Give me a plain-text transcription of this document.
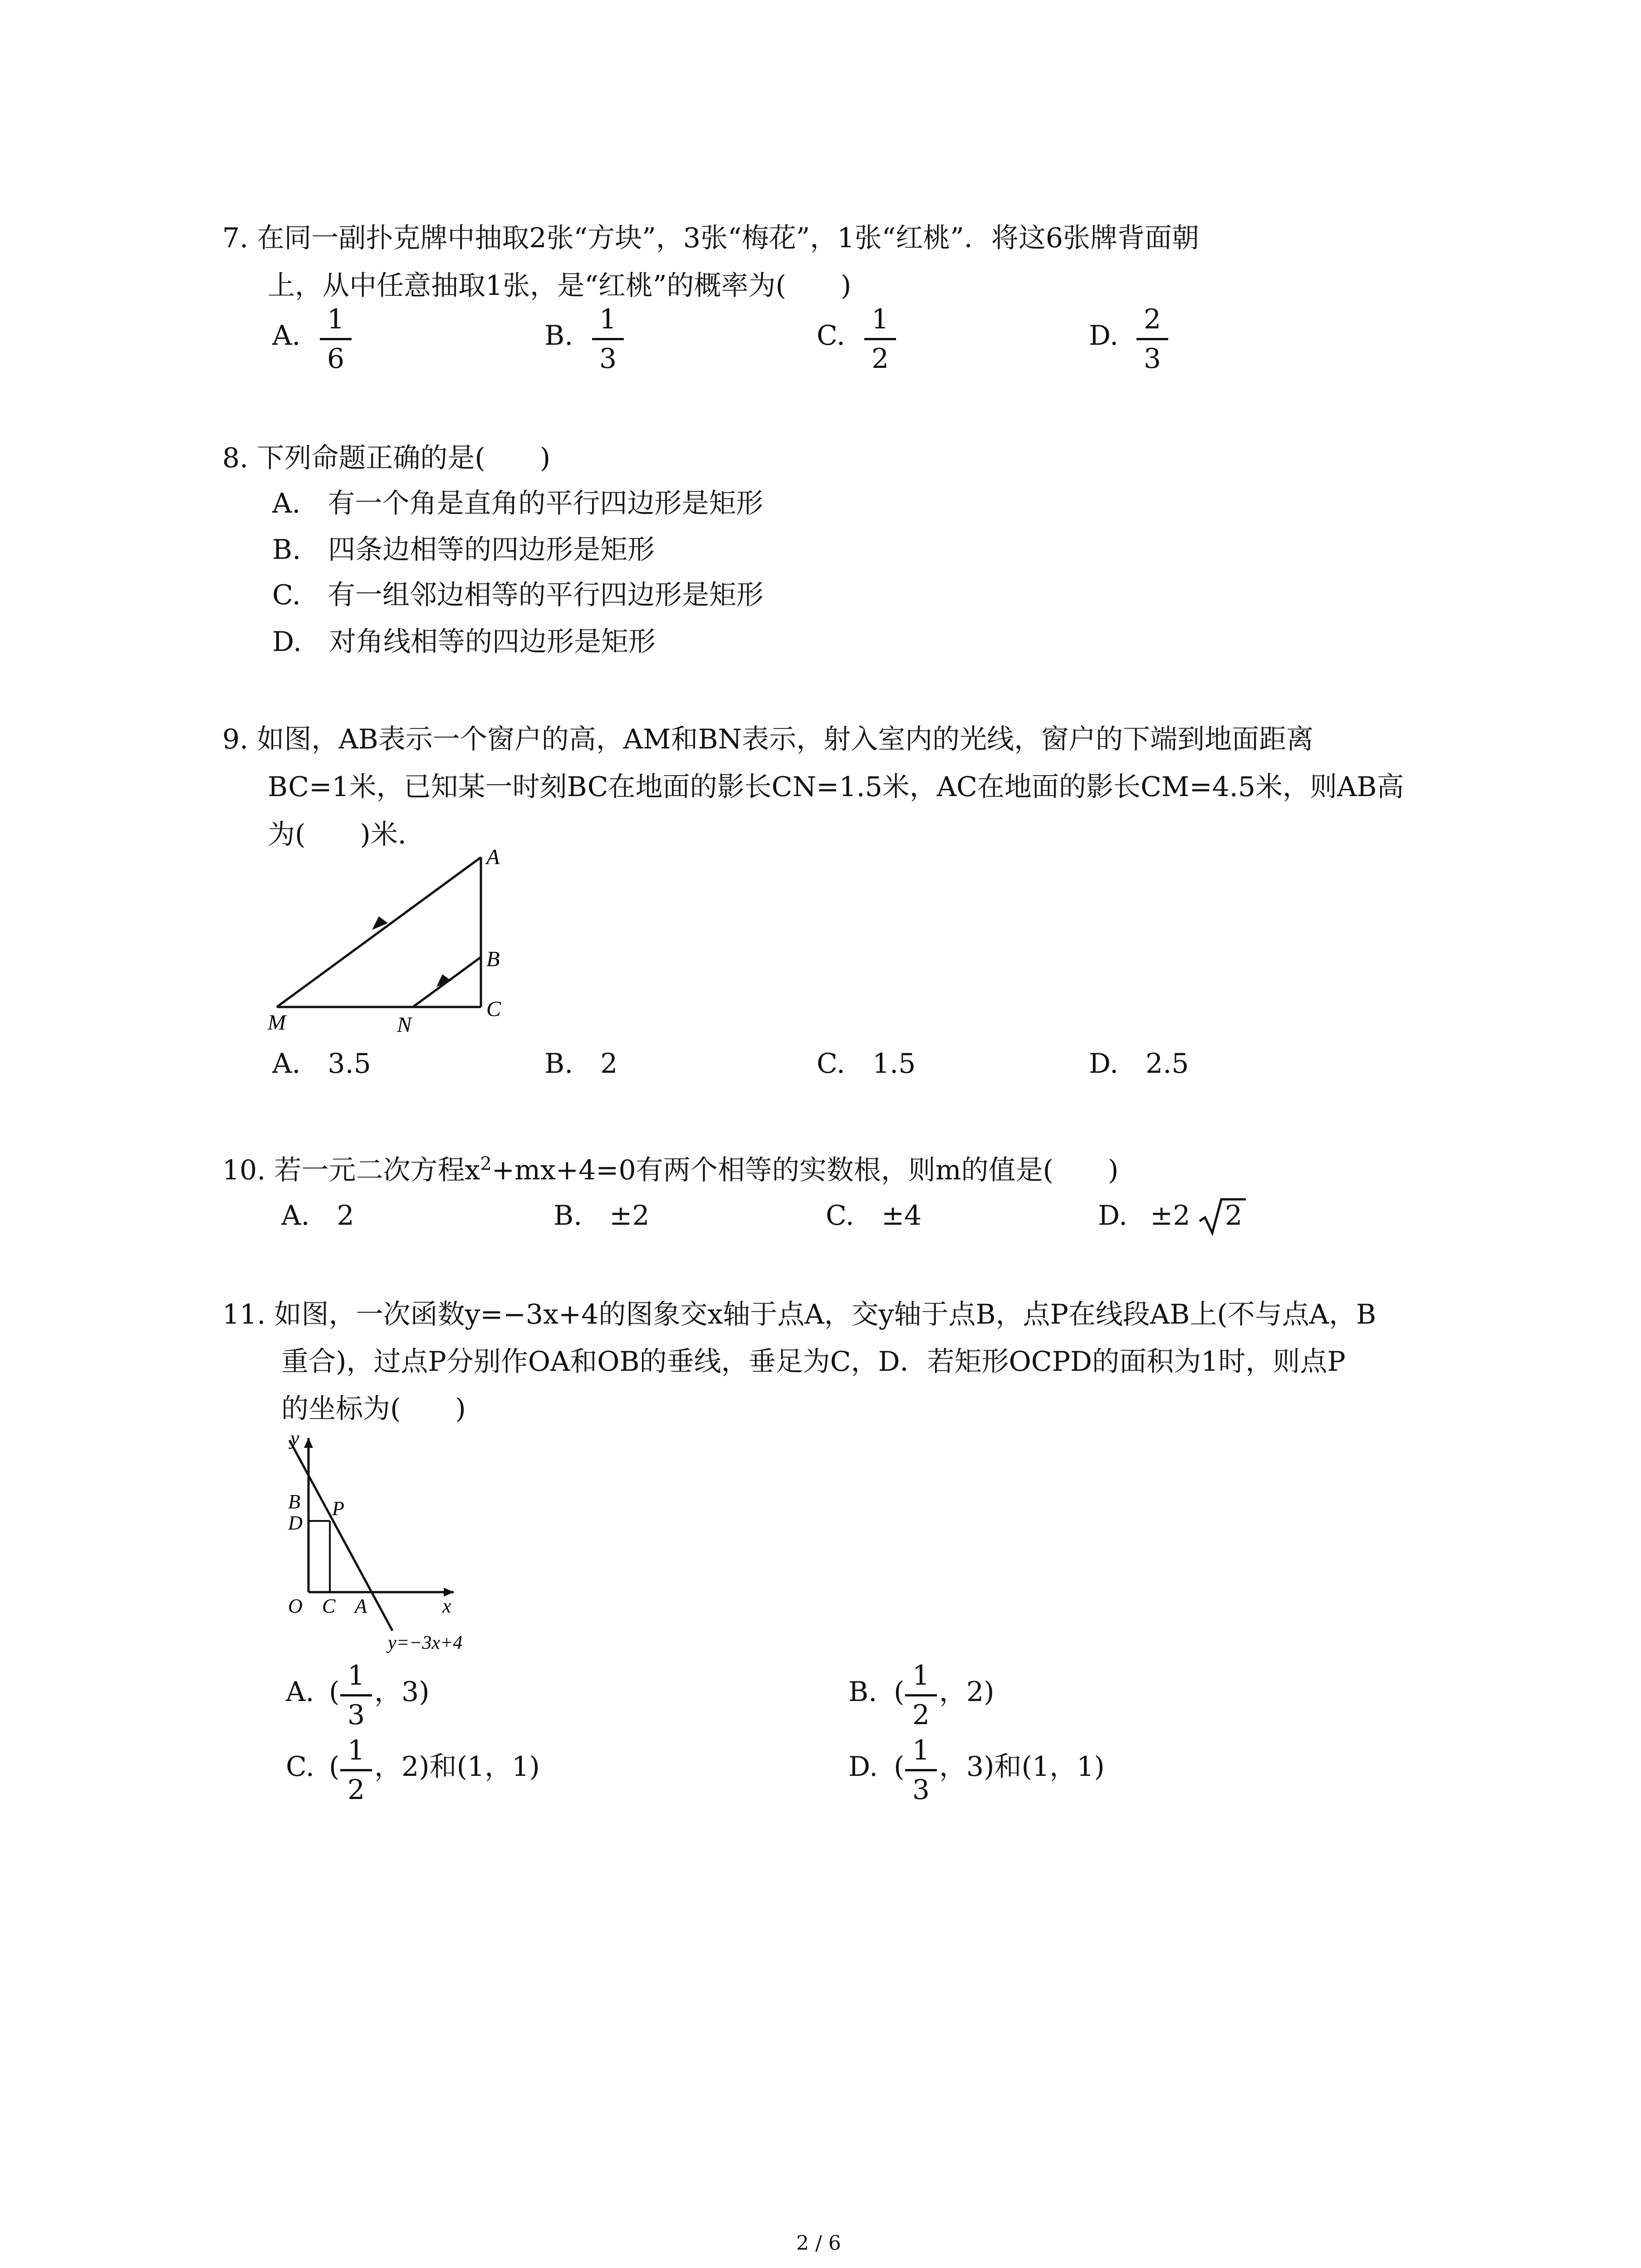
7. 在同一副扑克牌中抽取2张“方块”，3张“梅花”，1张“红桃”．将这6张牌背面朝
上，从中任意抽取1张，是“红桃”的概率为(　　)
A.
1
6
B.
1
3
C.
1
2
D.
2
3
8. 下列命题正确的是(　　)
A.　有一个角是直角的平行四边形是矩形
B.　四条边相等的四边形是矩形
C.　有一组邻边相等的平行四边形是矩形
D.　对角线相等的四边形是矩形
9. 如图，AB表示一个窗户的高，AM和BN表示，射入室内的光线，窗户的下端到地面距离
BC=1米，已知某一时刻BC在地面的影长CN=1.5米，AC在地面的影长CM=4.5米，则AB高
为(　　)米．
A
B
C
M	N
A.　3.5	B.　2	C.　1.5	D.　2.5
10. 若一元二次方程$x^2+mx+4=0$有两个相等的实数根，则m的值是(　　)
A.　2	B.　±2	C.　±4	D. ±2 2
11. 如图，一次函数y=−3x+4的图象交x轴于点A，交y轴于点B，点P在线段AB上(不与点A，B
重合)，过点P分别作OA和OB的垂线，垂足为C，D．若矩形OCPD的面积为1时，则点P
的坐标为(　　)
y
x
B
D
P
O C A
y=−3x+4
A. (
1
3
，3)	B. (
1
2
，2)
C. (
1
2
，2)和(1，1)	D. (
1
3
，3)和(1，1)
2 / 6
